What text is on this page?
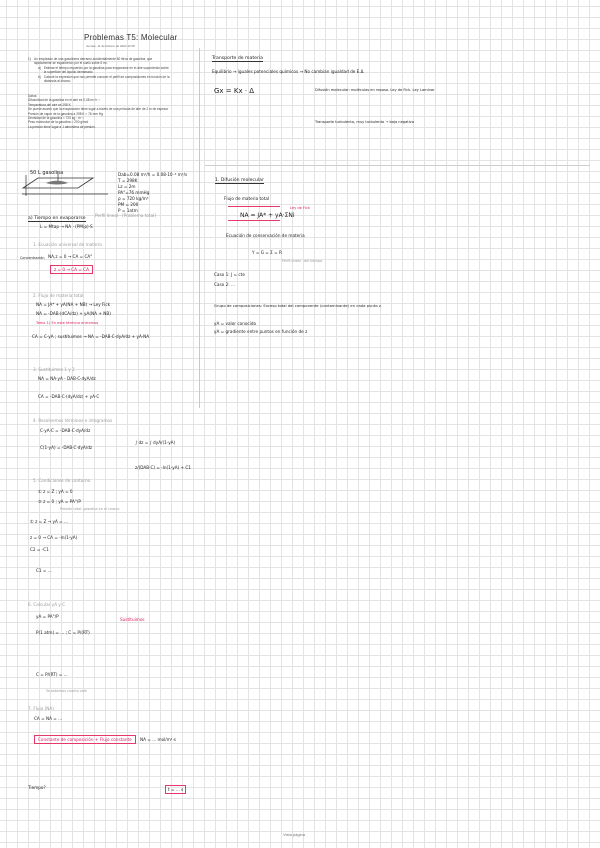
Problemas T5: Molecular
viernes, 11 de febrero de 2022 12:05
1) Un empleado de una gasolinera derramó accidentalmente 50 litros de gasolina, que rápidamente se esparcieron por el suelo sobre 6 m².
a) Estimar el tiempo requerido por la gasolina para evaporarse en el aire suponiendo sobre la superficie del líquido derramado.
b) Calcule la expresión que nos permite conocer el perfil de composiciones en función de la distancia al charco.
Datos:
Difusividad de la gasolina en el aire es 0,08 m²·h⁻¹
Temperatura del aire es 298 K
Se puede asumir que la evaporación tiene lugar a través de una película de aire de 2 m de espesor
Presión de vapor de la gasolina a 298 K = 76 mm Hg
Densidad de la gasolina = 720 kg · m⁻³
Peso molecular de la gasolina = 200 g/mol
La presión tiene lugar a 1 atmósfera de presión.
50 L gasolina	Dab=0.08 m²/h = 0.08·10⁻⁴ m²/s
T = 298K
Lz = 2m
PA°=76 mmHg
ρ = 720 kg/m³
PM = 200
P = 1atm
Perfil lineal · [Problema total]
a) Tiempo en evaporarse
L = Mtap → NA · (PM/ρ)·S
1. Ecuación universal de materia
Concentración NA,z = 0 → CA = CA°
z = 0 → CA = CA
2. Flujo de materia total
NA = JA* + yA(NA + NB) → Ley Fick
NA = -DAB·(dCA/dz) + yA(NA + NB)
Tema 1) En este término entramos
CA = C·yA ; sustituimos → NA = -DAB·C·dyA/dz + yA·NA
3. Sustituimos 1 y 2
NA = NA·yA - DAB·C·dyA/dz
CA = -DAB·C·(dyA/dz) + yA·C
4. Resolvemos términos e integramos
C·yA·C = -DAB·C·dyA/dz
C(1-yA) = -DAB·C·dyA/dz
∫ dz = ∫ dyA/(1-yA)
z/(DAB·C) = -ln(1-yA) + C1
5. Condiciones de contorno
① z = Z ; yA = 0
② z = 0 ; yA = PA°/P
Presión total: gasolina en el charco
① z = Z → yA = ...
z = 0 → CA = -ln(1-yA)
C2 = -C1
C1 = ...
6. Calcular yA y C
yA = PA°/P
P(1 atm) = ... ; C = P/(RT)
Sustituimos
C = P/(RT) = ...
Ya sabemos cuanto vale
7. Flujo (NA)
CA = NA = ...
Constante de composición + Flujo constante	NA = ... mol/m²·s
Tiempo?	t = ... s
Transporte de materia
Equilibrio → iguales potenciales químicos → No cambian igualdad de E.Δ
Gx = Kx · Δ	Difusión molecular: moléculas en reposo. Ley de Fick. Ley Laminar
Transporte turbulento, muy turbulento → baja negativa
1. Difusión molecular
Flujo de materia total
NA = JA* + yA·ΣNi
Ley de Fick
Ecuación de conservación de materia
Y = G = Σ = R
Perfil lineal · del tiempo
Caso 1: J = cte
Caso 2: ...
Grupo de composiciones: Exceso total del componente (contaminante) en cada punto z
yA = valor conocido
yA = gradiente entre puntos en función de z
Vista página
